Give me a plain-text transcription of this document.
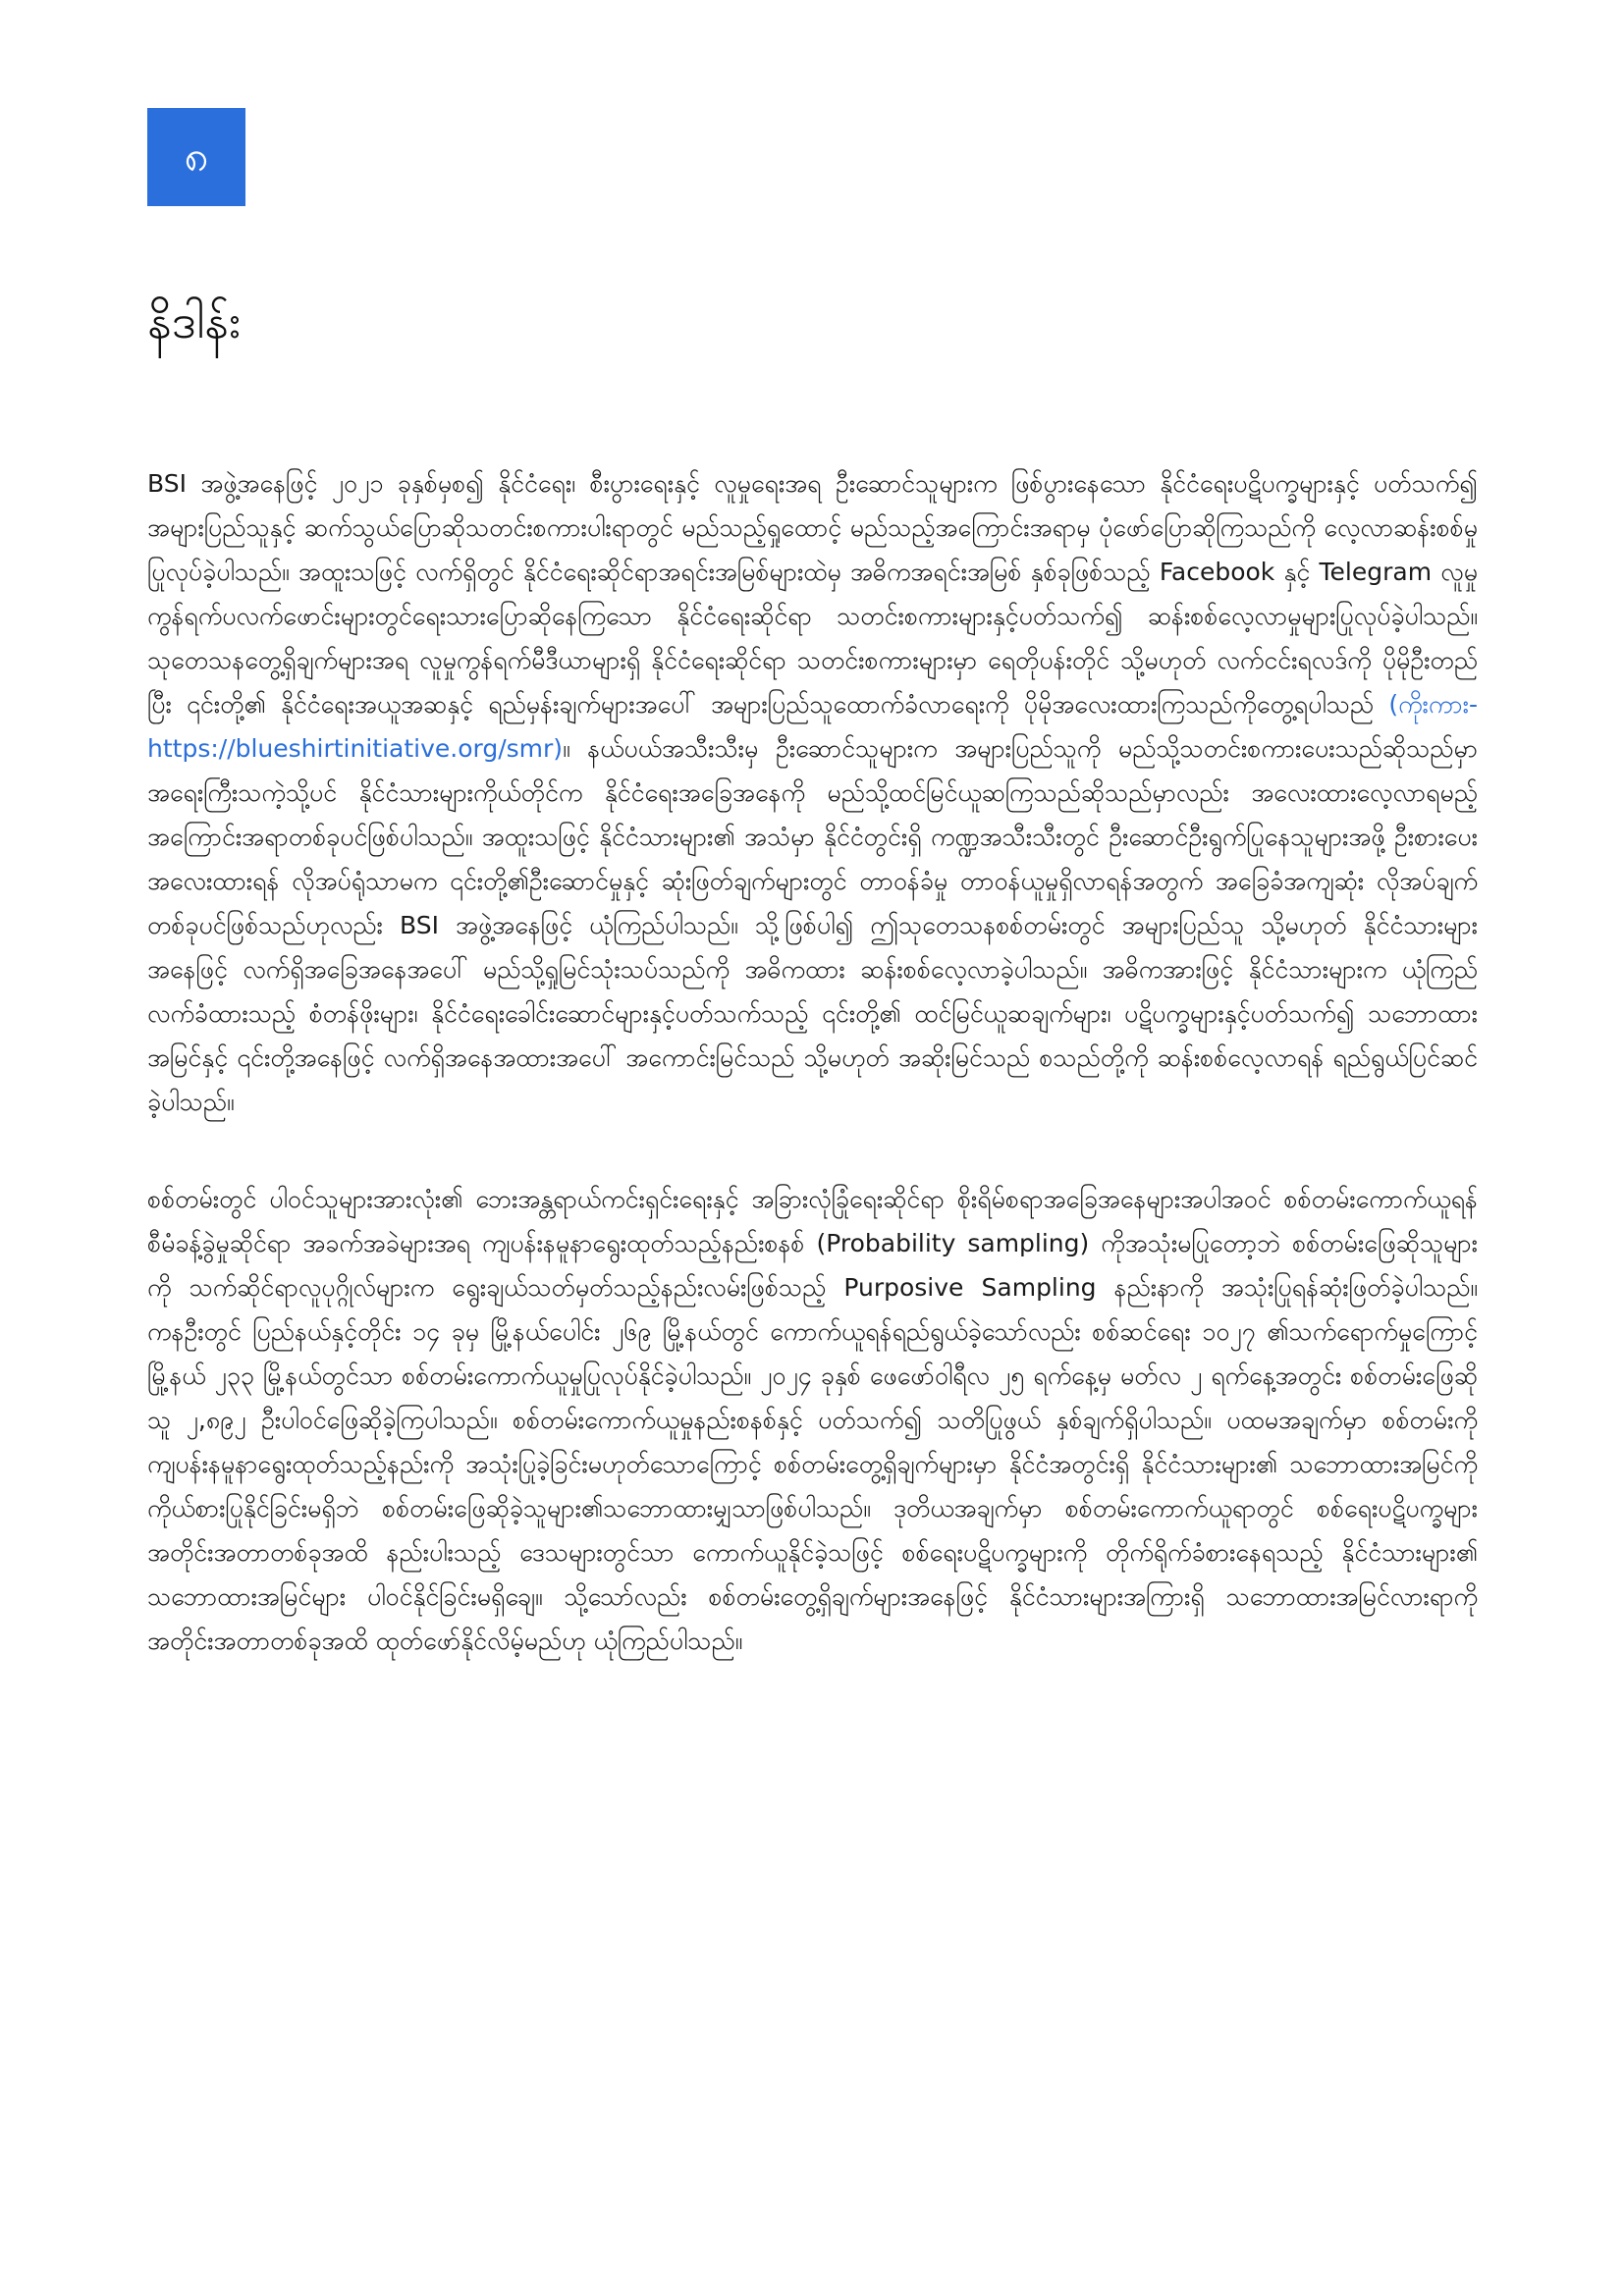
၈
နိဒါန်း

BSI အဖွဲ့အနေဖြင့် ၂၀၂၁ ခုနှစ်မှစ၍ နိုင်ငံရေး၊ စီးပွားရေးနှင့် လူမှုရေးအရ ဦးဆောင်သူများက ဖြစ်ပွားနေသော နိုင်ငံရေးပဋိပက္ခများနှင့် ပတ်သက်၍ အများပြည်သူနှင့် ဆက်သွယ်ပြောဆိုသတင်းစကားပါးရာတွင် မည်သည့်ရှုထောင့် မည်သည့်အကြောင်းအရာမှ ပုံဖော်ပြောဆိုကြသည်ကို လေ့လာဆန်းစစ်မှုပြုလုပ်ခဲ့ပါသည်။ အထူးသဖြင့် လက်ရှိတွင် နိုင်ငံရေးဆိုင်ရာအရင်းအမြစ်များထဲမှ အဓိကအရင်းအမြစ် နှစ်ခုဖြစ်သည့် Facebook နှင့် Telegram လူမှုကွန်ရက်ပလက်ဖောင်းများတွင်ရေးသားပြောဆိုနေကြသော နိုင်ငံရေးဆိုင်ရာ သတင်းစကားများနှင့်ပတ်သက်၍ ဆန်းစစ်လေ့လာမှုများပြုလုပ်ခဲ့ပါသည်။ သုတေသနတွေ့ရှိချက်များအရ လူမှုကွန်ရက်မီဒီယာများရှိ နိုင်ငံရေးဆိုင်ရာ သတင်းစကားများမှာ ရေတိုပန်းတိုင် သို့မဟုတ် လက်ငင်းရလဒ်ကို ပိုမိုဦးတည်ပြီး ၎င်းတို့၏ နိုင်ငံရေးအယူအဆနှင့် ရည်မှန်းချက်များအပေါ် အများပြည်သူထောက်ခံလာရေးကို ပိုမိုအလေးထားကြသည်ကိုတွေ့ရပါသည် (ကိုးကား-https://blueshirtinitiative.org/smr)။ နယ်ပယ်အသီးသီးမှ ဦးဆောင်သူများက အများပြည်သူကို မည်သို့သတင်းစကားပေးသည်ဆိုသည်မှာ အရေးကြီးသကဲ့သို့ပင် နိုင်ငံသားများကိုယ်တိုင်က နိုင်ငံရေးအခြေအနေကို မည်သို့ထင်မြင်ယူဆကြသည်ဆိုသည်မှာလည်း အလေးထားလေ့လာရမည့် အကြောင်းအရာတစ်ခုပင်ဖြစ်ပါသည်။ အထူးသဖြင့် နိုင်ငံသားများ၏ အသံမှာ နိုင်ငံတွင်းရှိ ကဏ္ဍအသီးသီးတွင် ဦးဆောင်ဦးရွက်ပြုနေသူများအဖို့ ဦးစားပေး အလေးထားရန် လိုအပ်ရုံသာမက ၎င်းတို့၏ဦးဆောင်မှုနှင့် ဆုံးဖြတ်ချက်များတွင် တာဝန်ခံမှု တာဝန်ယူမှုရှိလာရန်အတွက် အခြေခံအကျဆုံး လိုအပ်ချက်တစ်ခုပင်ဖြစ်သည်ဟုလည်း BSI အဖွဲ့အနေဖြင့် ယုံကြည်ပါသည်။ သို့ဖြစ်ပါ၍ ဤသုတေသနစစ်တမ်းတွင် အများပြည်သူ သို့မဟုတ် နိုင်ငံသားများအနေဖြင့် လက်ရှိအခြေအနေအပေါ် မည်သို့ရှုမြင်သုံးသပ်သည်ကို အဓိကထား ဆန်းစစ်လေ့လာခဲ့ပါသည်။ အဓိကအားဖြင့် နိုင်ငံသားများက ယုံကြည်လက်ခံထားသည့် စံတန်ဖိုးများ၊ နိုင်ငံရေးခေါင်းဆောင်များနှင့်ပတ်သက်သည့် ၎င်းတို့၏ ထင်မြင်ယူဆချက်များ၊ ပဋိပက္ခများနှင့်ပတ်သက်၍ သဘောထားအမြင်နှင့် ၎င်းတို့အနေဖြင့် လက်ရှိအနေအထားအပေါ် အကောင်းမြင်သည် သို့မဟုတ် အဆိုးမြင်သည် စသည်တို့ကို ဆန်းစစ်လေ့လာရန် ရည်ရွယ်ပြင်ဆင်ခဲ့ပါသည်။

စစ်တမ်းတွင် ပါဝင်သူများအားလုံး၏ ဘေးအန္တရာယ်ကင်းရှင်းရေးနှင့် အခြားလုံခြုံရေးဆိုင်ရာ စိုးရိမ်စရာအခြေအနေများအပါအဝင် စစ်တမ်းကောက်ယူရန် စီမံခန့်ခွဲမှုဆိုင်ရာ အခက်အခဲများအရ ကျပန်းနမူနာရွေးထုတ်သည့်နည်းစနစ် (Probability sampling) ကိုအသုံးမပြုတော့ဘဲ စစ်တမ်းဖြေဆိုသူများကို သက်ဆိုင်ရာလူပုဂ္ဂိုလ်များက ရွေးချယ်သတ်မှတ်သည့်နည်းလမ်းဖြစ်သည့် Purposive Sampling နည်းနာကို အသုံးပြုရန်ဆုံးဖြတ်ခဲ့ပါသည်။ ကနဦးတွင် ပြည်နယ်နှင့်တိုင်း ၁၄ ခုမှ မြို့နယ်ပေါင်း ၂၆၉ မြို့နယ်တွင် ကောက်ယူရန်ရည်ရွယ်ခဲ့သော်လည်း စစ်ဆင်ရေး ၁၀၂၇ ၏သက်ရောက်မှုကြောင့် မြို့နယ် ၂၃၃ မြို့နယ်တွင်သာ စစ်တမ်းကောက်ယူမှုပြုလုပ်နိုင်ခဲ့ပါသည်။ ၂၀၂၄ ခုနှစ် ဖေဖော်ဝါရီလ ၂၅ ရက်နေ့မှ မတ်လ ၂ ရက်နေ့အတွင်း စစ်တမ်းဖြေဆိုသူ ၂,၈၉၂ ဦးပါဝင်ဖြေဆိုခဲ့ကြပါသည်။ စစ်တမ်းကောက်ယူမှုနည်းစနစ်နှင့် ပတ်သက်၍ သတိပြုဖွယ် နှစ်ချက်ရှိပါသည်။ ပထမအချက်မှာ စစ်တမ်းကို ကျပန်းနမူနာရွေးထုတ်သည့်နည်းကို အသုံးပြုခဲ့ခြင်းမဟုတ်သောကြောင့် စစ်တမ်းတွေ့ရှိချက်များမှာ နိုင်ငံအတွင်းရှိ နိုင်ငံသားများ၏ သဘောထားအမြင်ကိုကိုယ်စားပြုနိုင်ခြင်းမရှိဘဲ စစ်တမ်းဖြေဆိုခဲ့သူများ၏သဘောထားမျှသာဖြစ်ပါသည်။ ဒုတိယအချက်မှာ စစ်တမ်းကောက်ယူရာတွင် စစ်ရေးပဋိပက္ခများ အတိုင်းအတာတစ်ခုအထိ နည်းပါးသည့် ဒေသများတွင်သာ ကောက်ယူနိုင်ခဲ့သဖြင့် စစ်ရေးပဋိပက္ခများကို တိုက်ရိုက်ခံစားနေရသည့် နိုင်ငံသားများ၏ သဘောထားအမြင်များ ပါဝင်နိုင်ခြင်းမရှိချေ။ သို့သော်လည်း စစ်တမ်းတွေ့ရှိချက်များအနေဖြင့် နိုင်ငံသားများအကြားရှိ သဘောထားအမြင်လားရာကို အတိုင်းအတာတစ်ခုအထိ ထုတ်ဖော်နိုင်လိမ့်မည်ဟု ယုံကြည်ပါသည်။
